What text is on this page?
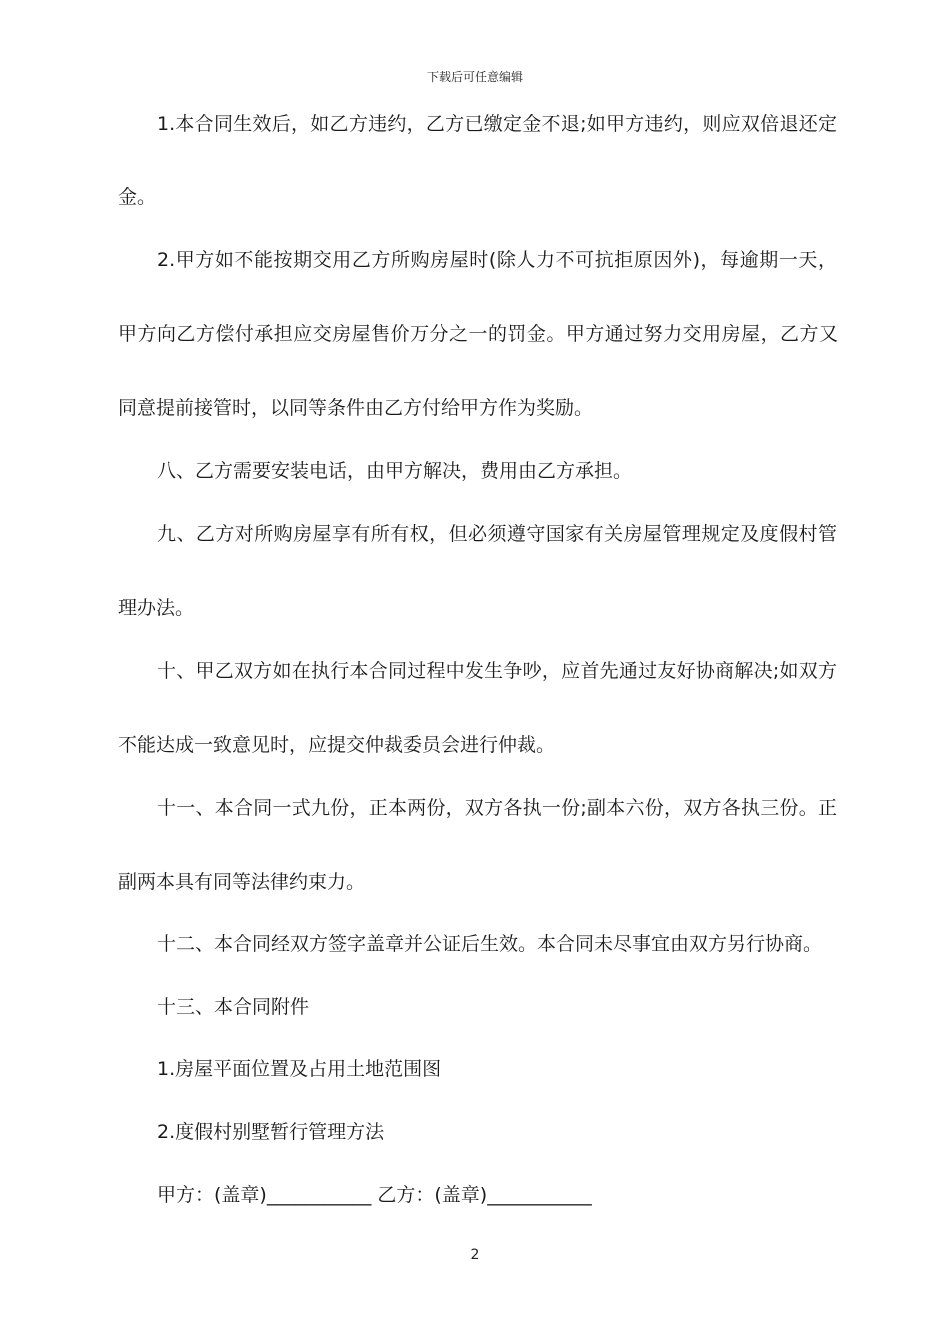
下载后可任意编辑
1.本合同生效后，如乙方违约，乙方已缴定金不退;如甲方违约，则应双倍退还定
金。
2.甲方如不能按期交用乙方所购房屋时(除人力不可抗拒原因外)，每逾期一天，
甲方向乙方偿付承担应交房屋售价万分之一的罚金。甲方通过努力交用房屋，乙方又
同意提前接管时，以同等条件由乙方付给甲方作为奖励。
八、乙方需要安装电话，由甲方解决，费用由乙方承担。
九、乙方对所购房屋享有所有权，但必须遵守国家有关房屋管理规定及度假村管
理办法。
十、甲乙双方如在执行本合同过程中发生争吵，应首先通过友好协商解决;如双方
不能达成一致意见时，应提交仲裁委员会进行仲裁。
十一、本合同一式九份，正本两份，双方各执一份;副本六份，双方各执三份。正
副两本具有同等法律约束力。
十二、本合同经双方签字盖章并公证后生效。本合同未尽事宜由双方另行协商。
十三、本合同附件
1.房屋平面位置及占用土地范围图
2.度假村别墅暂行管理方法
甲方：(盖章)___________ 乙方：(盖章)___________
2
